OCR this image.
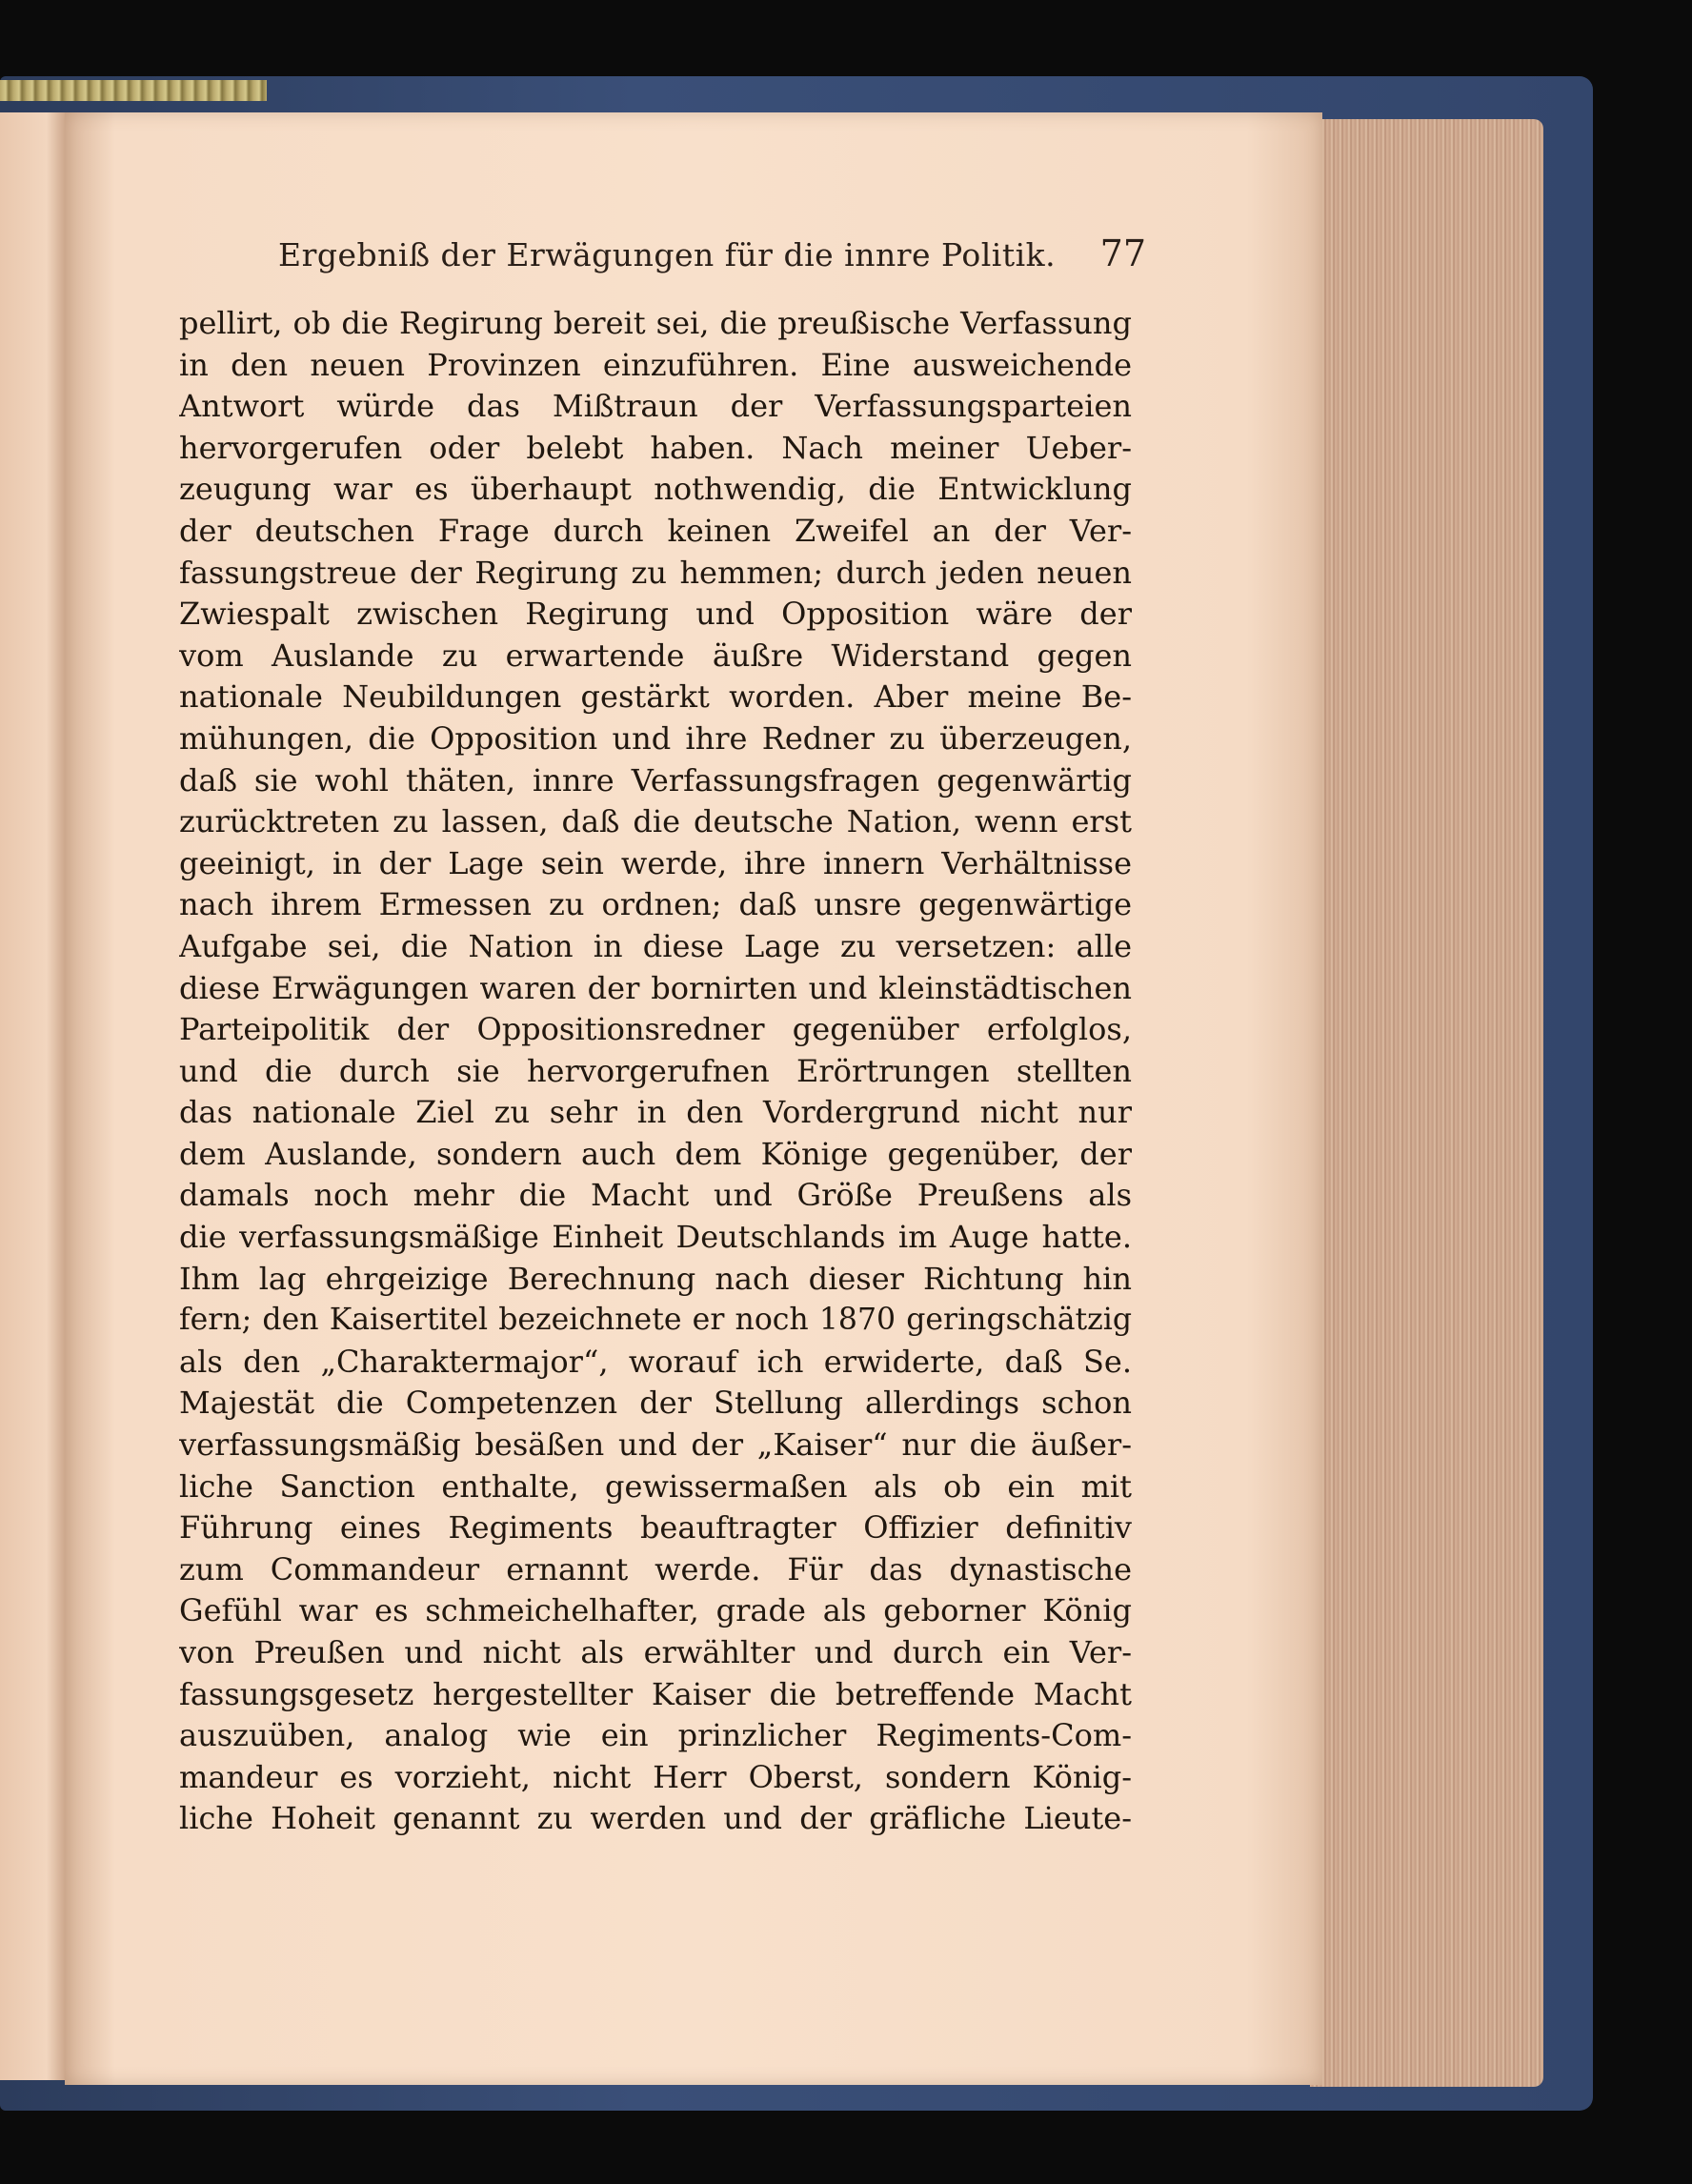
Ergebniß der Erwägungen für die innre Politik.	77
pellirt, ob die Regirung bereit sei, die preußische Verfassung
in den neuen Provinzen einzuführen. Eine ausweichende
Antwort würde das Mißtraun der Verfassungsparteien
hervorgerufen oder belebt haben. Nach meiner Ueber-
zeugung war es überhaupt nothwendig, die Entwicklung
der deutschen Frage durch keinen Zweifel an der Ver-
fassungstreue der Regirung zu hemmen; durch jeden neuen
Zwiespalt zwischen Regirung und Opposition wäre der
vom Auslande zu erwartende äußre Widerstand gegen
nationale Neubildungen gestärkt worden. Aber meine Be-
mühungen, die Opposition und ihre Redner zu überzeugen,
daß sie wohl thäten, innre Verfassungsfragen gegenwärtig
zurücktreten zu lassen, daß die deutsche Nation, wenn erst
geeinigt, in der Lage sein werde, ihre innern Verhältnisse
nach ihrem Ermessen zu ordnen; daß unsre gegenwärtige
Aufgabe sei, die Nation in diese Lage zu versetzen: alle
diese Erwägungen waren der bornirten und kleinstädtischen
Parteipolitik der Oppositionsredner gegenüber erfolglos,
und die durch sie hervorgerufnen Erörtrungen stellten
das nationale Ziel zu sehr in den Vordergrund nicht nur
dem Auslande, sondern auch dem Könige gegenüber, der
damals noch mehr die Macht und Größe Preußens als
die verfassungsmäßige Einheit Deutschlands im Auge hatte.
Ihm lag ehrgeizige Berechnung nach dieser Richtung hin
fern; den Kaisertitel bezeichnete er noch 1870 geringschätzig
als den „Charaktermajor“, worauf ich erwiderte, daß Se.
Majestät die Competenzen der Stellung allerdings schon
verfassungsmäßig besäßen und der „Kaiser“ nur die äußer-
liche Sanction enthalte, gewissermaßen als ob ein mit
Führung eines Regiments beauftragter Offizier definitiv
zum Commandeur ernannt werde. Für das dynastische
Gefühl war es schmeichelhafter, grade als geborner König
von Preußen und nicht als erwählter und durch ein Ver-
fassungsgesetz hergestellter Kaiser die betreffende Macht
auszuüben, analog wie ein prinzlicher Regiments-Com-
mandeur es vorzieht, nicht Herr Oberst, sondern König-
liche Hoheit genannt zu werden und der gräfliche Lieute-
